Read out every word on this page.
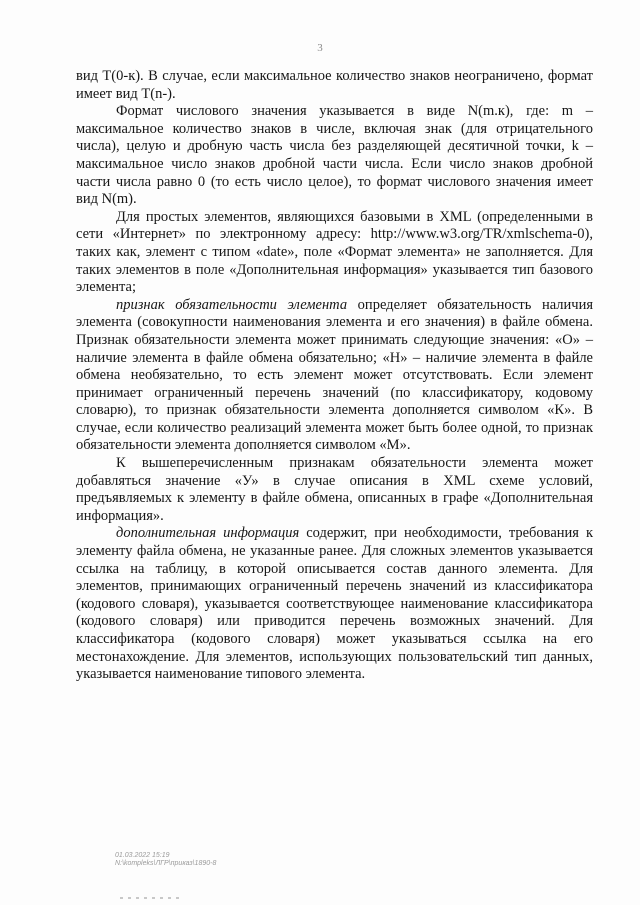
3

вид Т(0-к). В случае, если максимальное количество знаков неограничено, формат имеет вид Т(n-).

Формат числового значения указывается в виде N(m.к), где: m – максимальное количество знаков в числе, включая знак (для отрицательного числа), целую и дробную часть числа без разделяющей десятичной точки, k – максимальное число знаков дробной части числа. Если число знаков дробной части числа равно 0 (то есть число целое), то формат числового значения имеет вид N(m).

Для простых элементов, являющихся базовыми в XML (определенными в сети «Интернет» по электронному адресу: http://www.w3.org/TR/xmlschema-0), таких как, элемент с типом «date», поле «Формат элемента» не заполняется. Для таких элементов в поле «Дополнительная информация» указывается тип базового элемента;

признак обязательности элемента определяет обязательность наличия элемента (совокупности наименования элемента и его значения) в файле обмена. Признак обязательности элемента может принимать следующие значения: «О» – наличие элемента в файле обмена обязательно; «Н» – наличие элемента в файле обмена необязательно, то есть элемент может отсутствовать. Если элемент принимает ограниченный перечень значений (по классификатору, кодовому словарю), то признак обязательности элемента дополняется символом «К». В случае, если количество реализаций элемента может быть более одной, то признак обязательности элемента дополняется символом «М».

К вышеперечисленным признакам обязательности элемента может добавляться значение «У» в случае описания в XML схеме условий, предъявляемых к элементу в файле обмена, описанных в графе «Дополнительная информация».

дополнительная информация содержит, при необходимости, требования к элементу файла обмена, не указанные ранее. Для сложных элементов указывается ссылка на таблицу, в которой описывается состав данного элемента. Для элементов, принимающих ограниченный перечень значений из классификатора (кодового словаря), указывается соответствующее наименование классификатора (кодового словаря) или приводится перечень возможных значений. Для классификатора (кодового словаря) может указываться ссылка на его местонахождение. Для элементов, использующих пользовательский тип данных, указывается наименование типового элемента.

01.03.2022 15:19
N:\kompleks\ЛГР\приказ\1890-8
